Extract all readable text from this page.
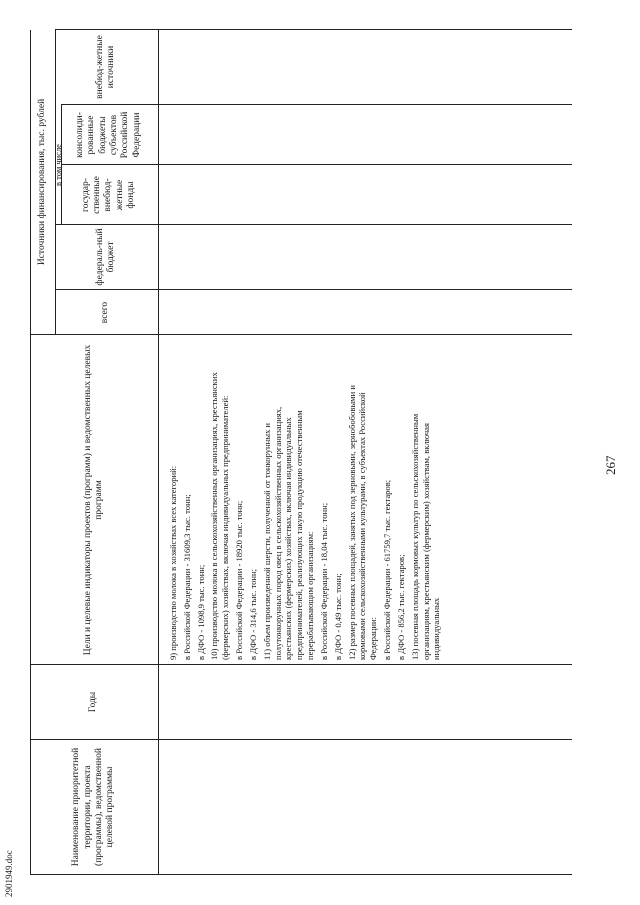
267
2901949.doc
Наименование приоритетной территории, проекта (программы), ведомственной целевой программы
Годы
Цели и целевые индикаторы проектов (программ) и ведомственных целевых программ
Источники финансирования, тыс. рублей
всего
в том числе
федераль-ный бюджет
государ-ственные внебюд-жетные фонды
консолиди-рованные бюджеты субъектов Российской Федерации
внебюд-жетные источники

9) производство молока в хозяйствах всех категорий: в Российской Федерации - 31609,3 тыс. тонн; в ДФО - 1098,9 тыс. тонн; 10) производство молока в сельскохозяйственных организациях, крестьянских (фермерских) хозяйствах, включая индивидуальных предпринимателей: в Российской Федерации - 18920 тыс. тонн; в ДФО - 314,6 тыс. тонн; 11) объем произведенной шерсти, полученной от тонкорунных и полутонкорунных пород овец в сельскохозяйственных организациях, крестьянских (фермерских) хозяйствах, включая индивидуальных предпринимателей, реализующих такую продукцию отечественным перерабатывающим организациям: в Российской Федерации - 18,04 тыс. тонн; в ДФО - 0,49 тыс. тонн; 12) размер посевных площадей, занятых под зерновыми, зернобобовыми и кормовыми сельскохозяйственными культурами, в субъектах Российской Федерации: в Российской Федерации - 61759,7 тыс. гектаров; в ДФО - 856,2 тыс. гектаров; 13) посевная площадь кормовых культур по сельскохозяйственным организациям, крестьянским (фермерским) хозяйствам, включая индивидуальных
